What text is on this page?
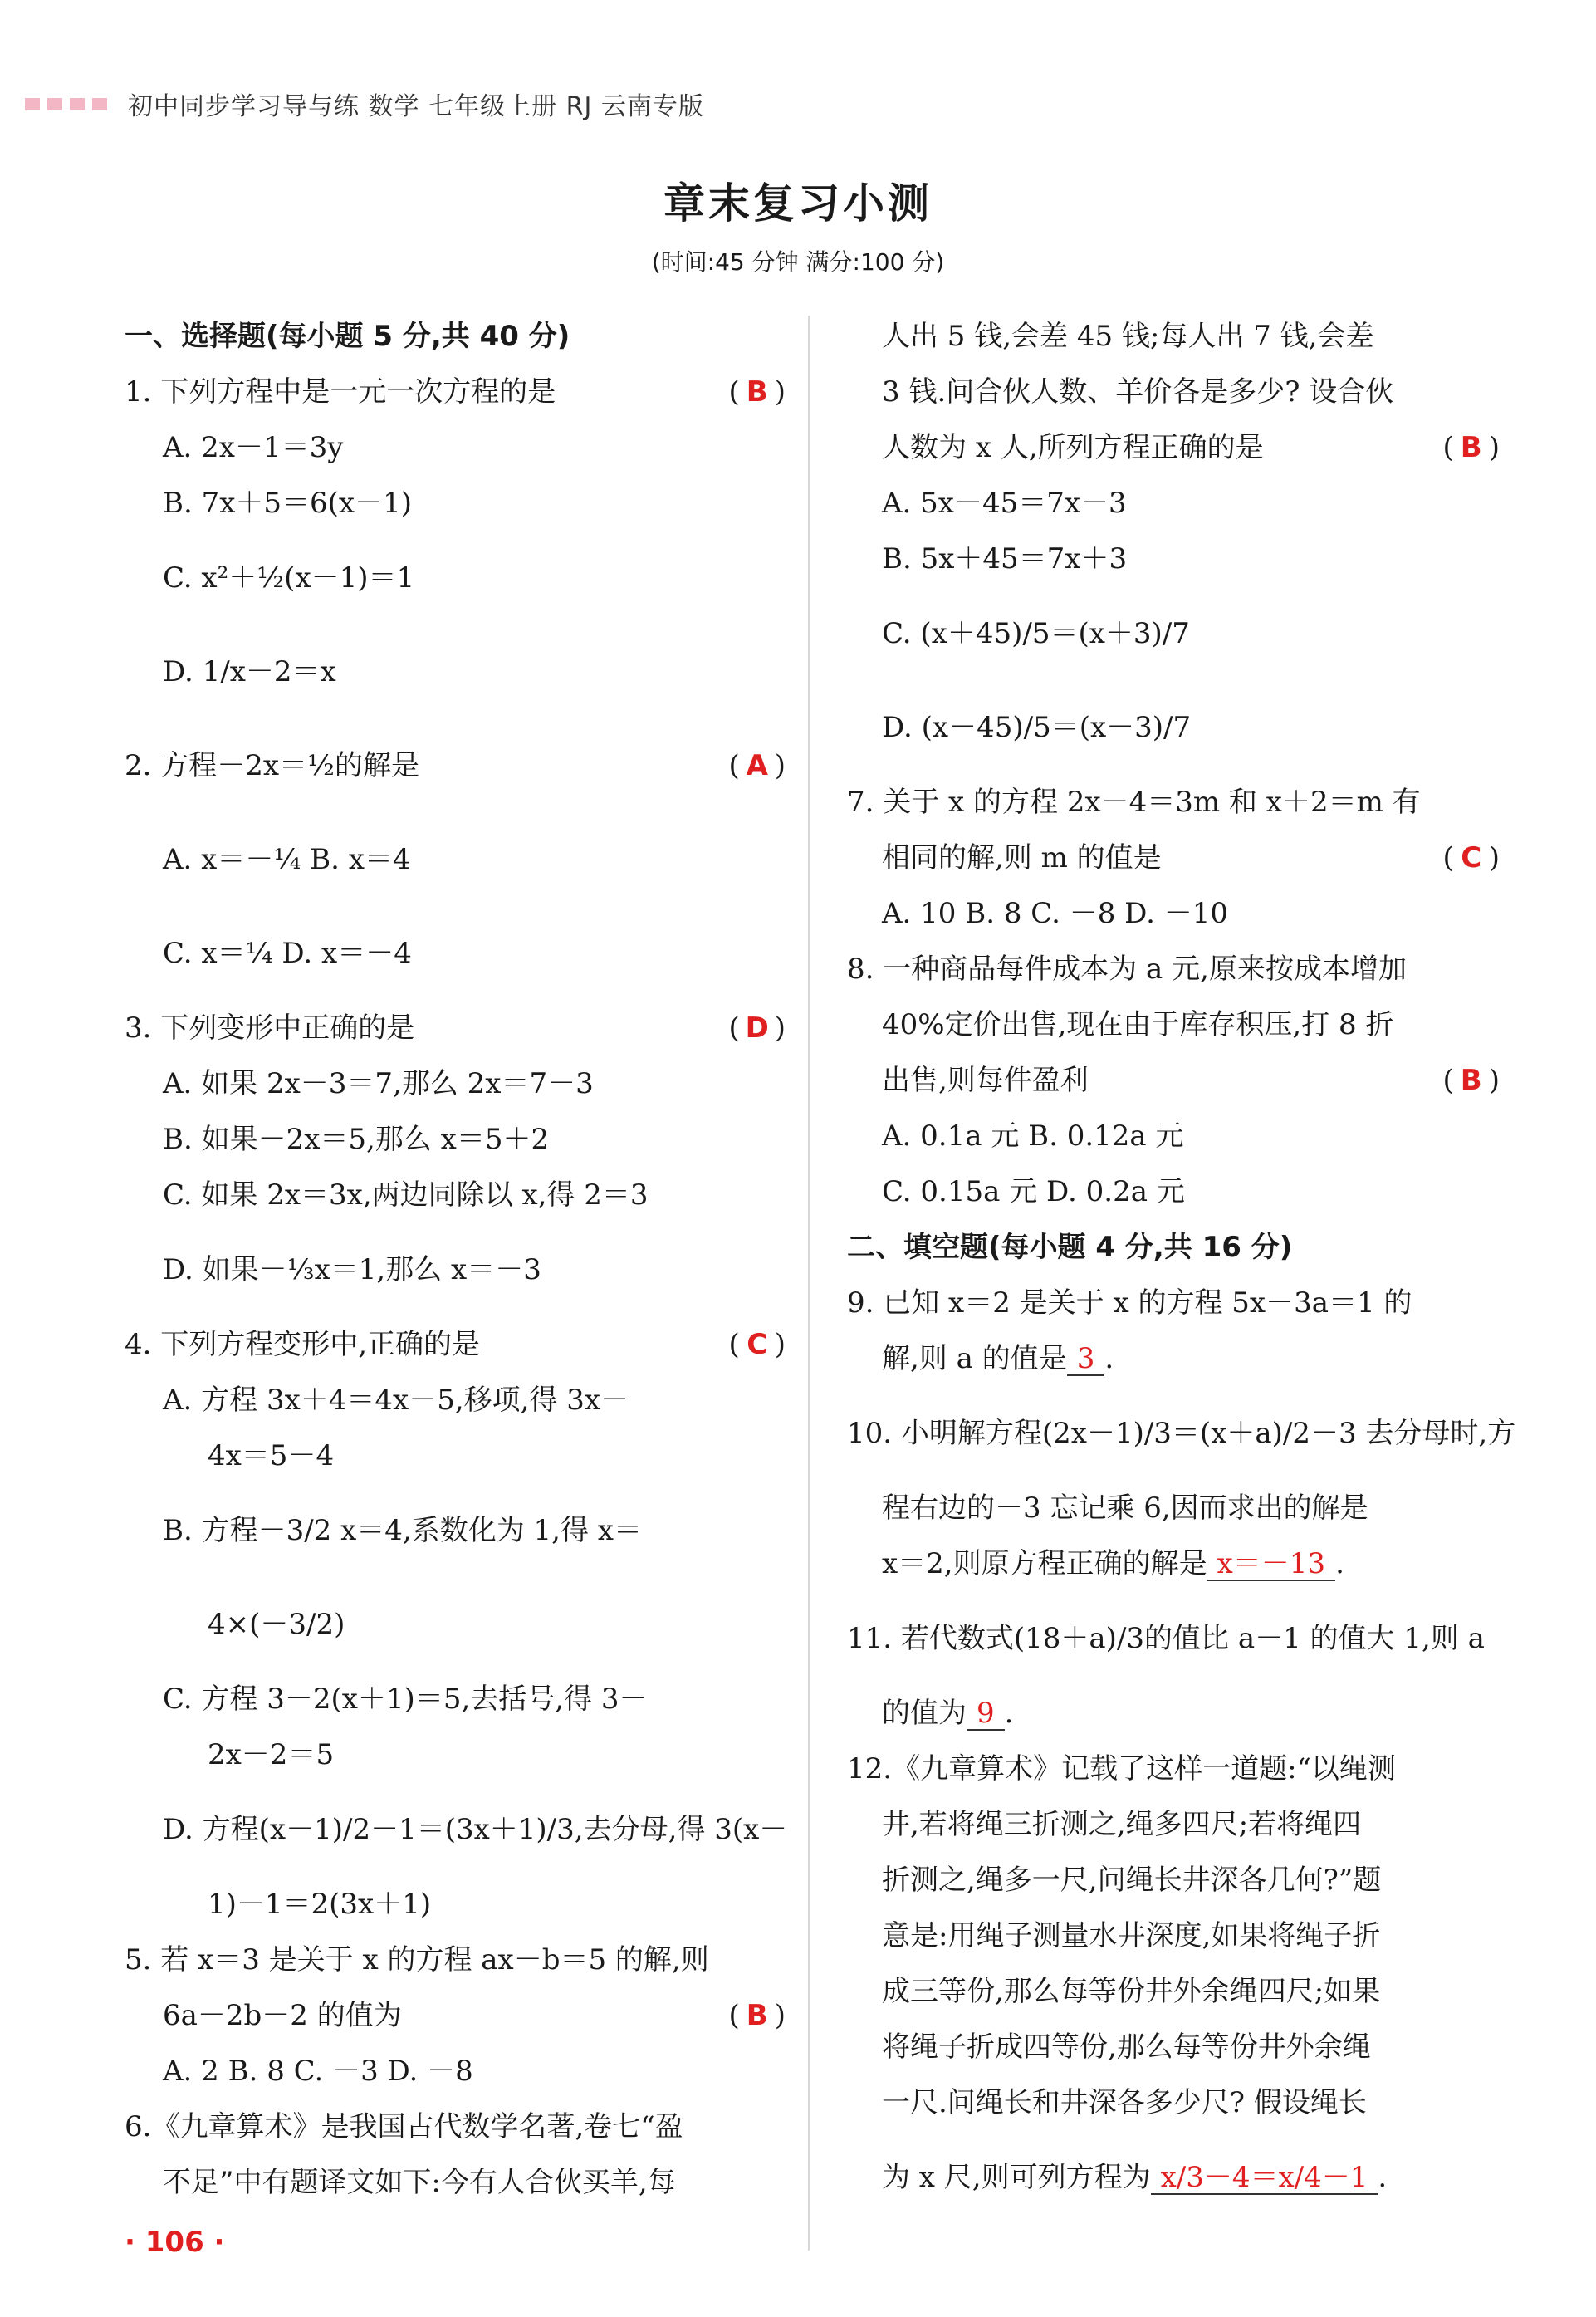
初中同步学习导与练 数学 七年级上册 RJ 云南专版
章末复习小测
(时间:45 分钟 满分:100 分)
一、选择题(每小题 5 分,共 40 分)
1. 下列方程中是一元一次方程的是	( B )
A. 2x－1＝3y
B. 7x＋5＝6(x－1)
C. x²＋½(x－1)＝1
D. 1/x－2＝x
2. 方程－2x＝½的解是	( A )
A. x＝－¼ B. x＝4
C. x＝¼ D. x＝－4
3. 下列变形中正确的是	( D )
A. 如果 2x－3＝7,那么 2x＝7－3
B. 如果－2x＝5,那么 x＝5＋2
C. 如果 2x＝3x,两边同除以 x,得 2＝3
D. 如果－⅓x＝1,那么 x＝－3
4. 下列方程变形中,正确的是	( C )
A. 方程 3x＋4＝4x－5,移项,得 3x－
4x＝5－4
B. 方程－3/2 x＝4,系数化为 1,得 x＝
4×(－3/2)
C. 方程 3－2(x＋1)＝5,去括号,得 3－
2x－2＝5
D. 方程(x－1)/2－1＝(3x＋1)/3,去分母,得 3(x－
1)－1＝2(3x＋1)
5. 若 x＝3 是关于 x 的方程 ax－b＝5 的解,则
6a－2b－2 的值为	( B )
A. 2 B. 8 C. －3 D. －8
6.《九章算术》是我国古代数学名著,卷七“盈
不足”中有题译文如下:今有人合伙买羊,每
人出 5 钱,会差 45 钱;每人出 7 钱,会差
3 钱.问合伙人数、羊价各是多少? 设合伙
人数为 x 人,所列方程正确的是	( B )
A. 5x－45＝7x－3
B. 5x＋45＝7x＋3
C. (x＋45)/5＝(x＋3)/7
D. (x－45)/5＝(x－3)/7
7. 关于 x 的方程 2x－4＝3m 和 x＋2＝m 有
相同的解,则 m 的值是	( C )
A. 10 B. 8 C. －8 D. －10
8. 一种商品每件成本为 a 元,原来按成本增加
40%定价出售,现在由于库存积压,打 8 折
出售,则每件盈利	( B )
A. 0.1a 元 B. 0.12a 元
C. 0.15a 元 D. 0.2a 元
二、填空题(每小题 4 分,共 16 分)
9. 已知 x＝2 是关于 x 的方程 5x－3a＝1 的
解,则 a 的值是 3 .
10. 小明解方程(2x－1)/3＝(x＋a)/2－3 去分母时,方
程右边的－3 忘记乘 6,因而求出的解是
x＝2,则原方程正确的解是 x＝－13 .
11. 若代数式(18＋a)/3的值比 a－1 的值大 1,则 a
的值为 9 .
12.《九章算术》记载了这样一道题:“以绳测
井,若将绳三折测之,绳多四尺;若将绳四
折测之,绳多一尺,问绳长井深各几何?”题
意是:用绳子测量水井深度,如果将绳子折
成三等份,那么每等份井外余绳四尺;如果
将绳子折成四等份,那么每等份井外余绳
一尺.问绳长和井深各多少尺? 假设绳长
为 x 尺,则可列方程为 x/3－4＝x/4－1 .
· 106 ·
